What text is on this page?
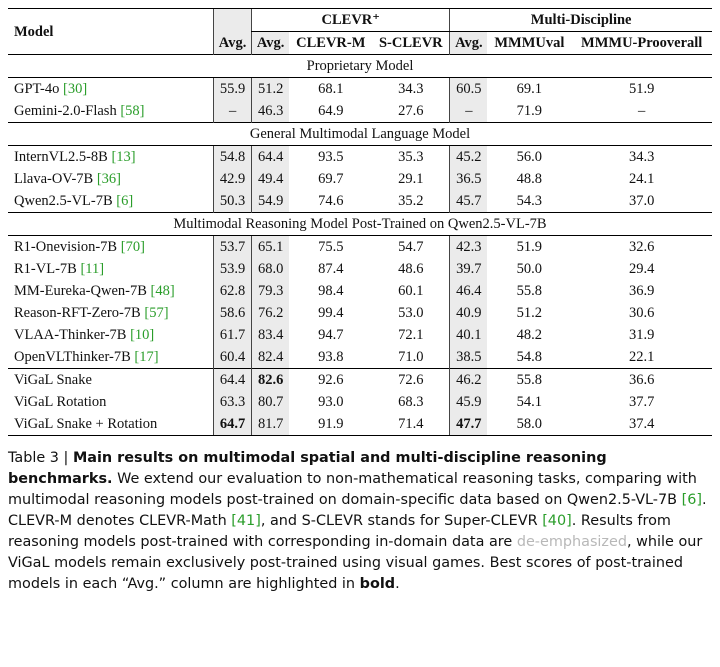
Model		CLEVR⁺			Multi-Discipline		
	Avg.	Avg.	CLEVR-M	S-CLEVR	Avg.	MMMUval	MMMU-Prooverall
Proprietary Model							
GPT-4o [30]	55.9	51.2	68.1	34.3	60.5	69.1	51.9
Gemini-2.0-Flash [58]	–	46.3	64.9	27.6	–	71.9	–
General Multimodal Language Model							
InternVL2.5-8B [13]	54.8	64.4	93.5	35.3	45.2	56.0	34.3
Llava-OV-7B [36]	42.9	49.4	69.7	29.1	36.5	48.8	24.1
Qwen2.5-VL-7B [6]	50.3	54.9	74.6	35.2	45.7	54.3	37.0
Multimodal Reasoning Model Post-Trained on Qwen2.5-VL-7B							
R1-Onevision-7B [70]	53.7	65.1	75.5	54.7	42.3	51.9	32.6
R1-VL-7B [11]	53.9	68.0	87.4	48.6	39.7	50.0	29.4
MM-Eureka-Qwen-7B [48]	62.8	79.3	98.4	60.1	46.4	55.8	36.9
Reason-RFT-Zero-7B [57]	58.6	76.2	99.4	53.0	40.9	51.2	30.6
VLAA-Thinker-7B [10]	61.7	83.4	94.7	72.1	40.1	48.2	31.9
OpenVLThinker-7B [17]	60.4	82.4	93.8	71.0	38.5	54.8	22.1
ViGaL Snake	64.4	82.6	92.6	72.6	46.2	55.8	36.6
ViGaL Rotation	63.3	80.7	93.0	68.3	45.9	54.1	37.7
ViGaL Snake + Rotation	64.7	81.7	91.9	71.4	47.7	58.0	37.4
Table 3 | Main results on multimodal spatial and multi-discipline reasoning benchmarks. We extend our evaluation to non-mathematical reasoning tasks, comparing with multimodal reasoning models post-trained on domain-specific data based on Qwen2.5-VL-7B [6]. CLEVR-M denotes CLEVR-Math [41], and S-CLEVR stands for Super-CLEVR [40]. Results from reasoning models post-trained with corresponding in-domain data are de-emphasized, while our ViGaL models remain exclusively post-trained using visual games. Best scores of post-trained models in each “Avg.” column are highlighted in bold.
